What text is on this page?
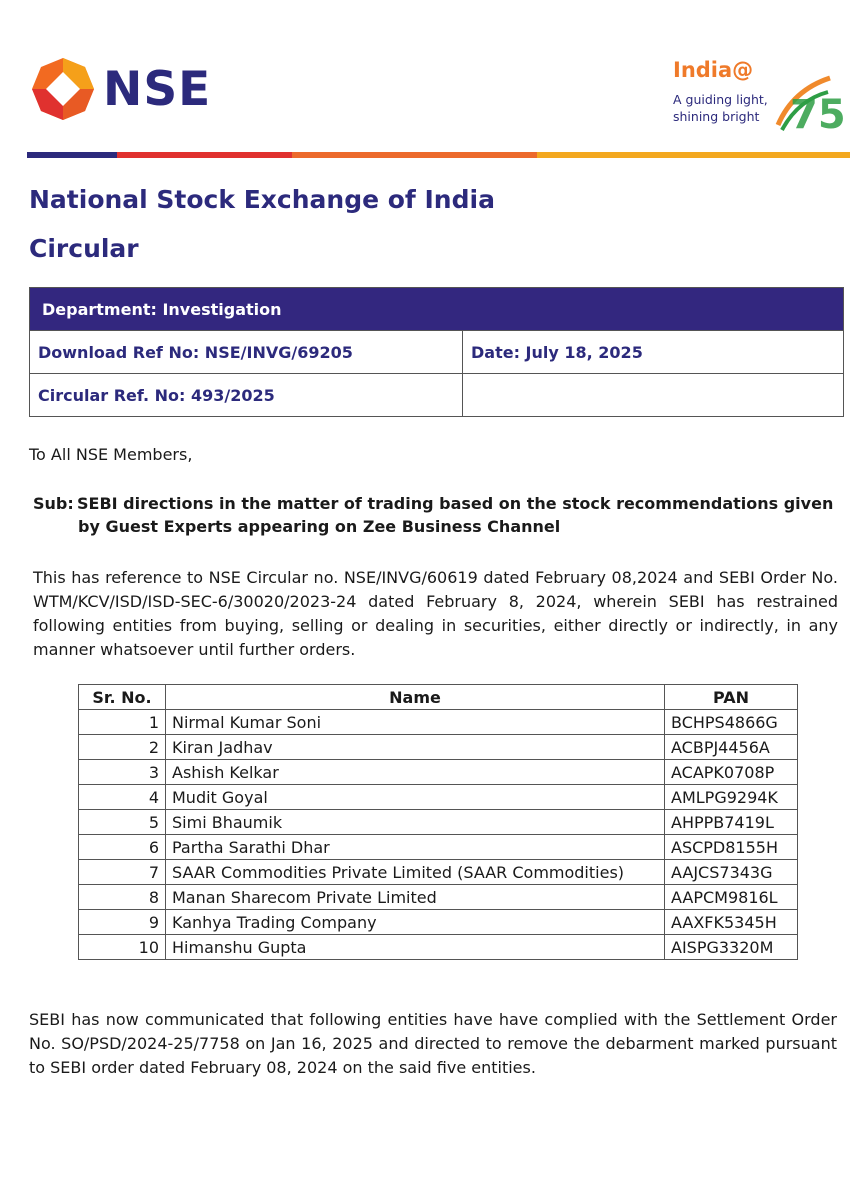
NSE	75
India@
A guiding light,
shining bright
National Stock Exchange of India
Circular
Department: Investigation	
Download Ref No: NSE/INVG/69205	Date: July 18, 2025
Circular Ref. No: 493/2025	
To All NSE Members,
Sub: SEBI directions in the matter of trading based on the stock recommendations given by Guest Experts appearing on Zee Business Channel
This has reference to NSE Circular no. NSE/INVG/60619 dated February 08,2024 and SEBI Order No. WTM/KCV/ISD/ISD-SEC-6/30020/2023-24 dated February 8, 2024, wherein SEBI has restrained following entities from buying, selling or dealing in securities, either directly or indirectly, in any manner whatsoever until further orders.
Sr. No.	Name	PAN
1	Nirmal Kumar Soni	BCHPS4866G
2	Kiran Jadhav	ACBPJ4456A
3	Ashish Kelkar	ACAPK0708P
4	Mudit Goyal	AMLPG9294K
5	Simi Bhaumik	AHPPB7419L
6	Partha Sarathi Dhar	ASCPD8155H
7	SAAR Commodities Private Limited (SAAR Commodities)	AAJCS7343G
8	Manan Sharecom Private Limited	AAPCM9816L
9	Kanhya Trading Company	AAXFK5345H
10	Himanshu Gupta	AISPG3320M
SEBI has now communicated that following entities have have complied with the Settlement Order No. SO/PSD/2024-25/7758 on Jan 16, 2025 and directed to remove the debarment marked pursuant to SEBI order dated February 08, 2024 on the said five entities.
